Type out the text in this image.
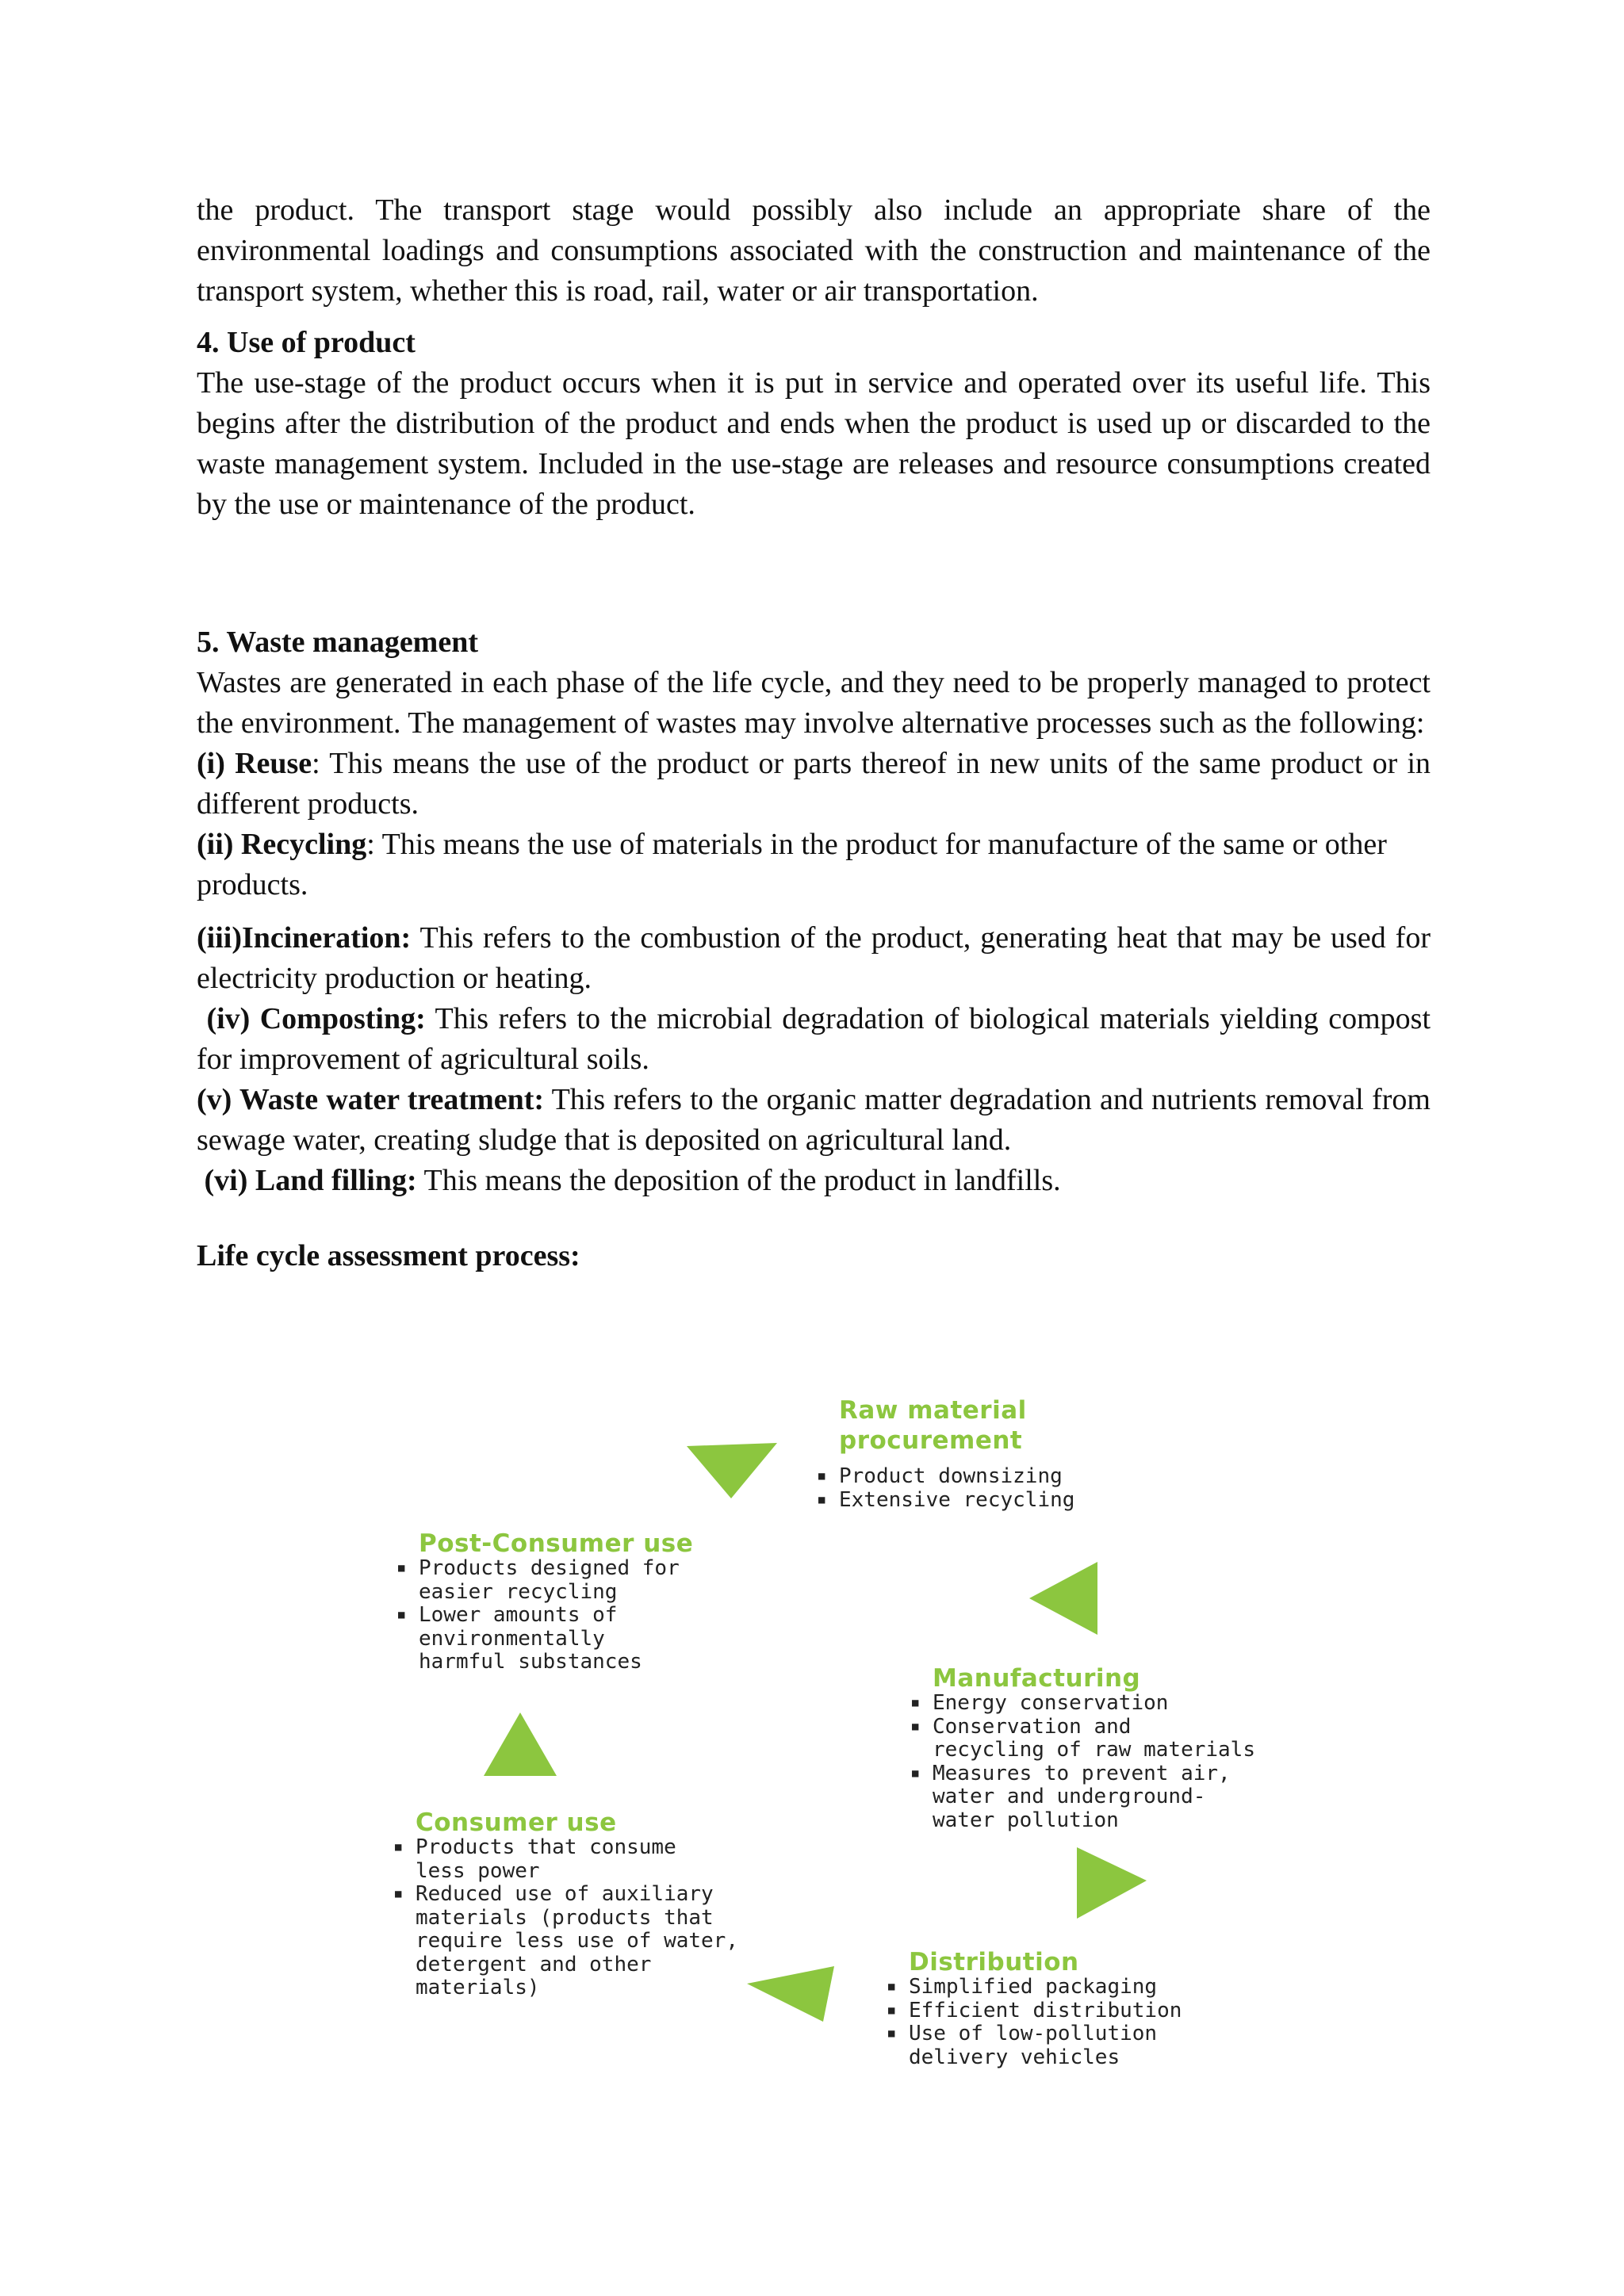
the product. The transport stage would possibly also include an appropriate share of the environmental loadings and consumptions associated with the construction and maintenance of the transport system, whether this is road, rail, water or air transportation.

4. Use of product

The use-stage of the product occurs when it is put in service and operated over its useful life. This begins after the distribution of the product and ends when the product is used up or discarded to the waste management system. Included in the use-stage are releases and resource consumptions created by the use or maintenance of the product.

5. Waste management

Wastes are generated in each phase of the life cycle, and they need to be properly managed to protect the environment. The management of wastes may involve alternative processes such as the following:

(i) Reuse: This means the use of the product or parts thereof in new units of the same product or in different products.

(ii) Recycling: This means the use of materials in the product for manufacture of the same or other products.

(iii)Incineration: This refers to the combustion of the product, generating heat that may be used for electricity production or heating.

(iv) Composting: This refers to the microbial degradation of biological materials yielding compost for improvement of agricultural soils.

(v) Waste water treatment: This refers to the organic matter degradation and nutrients removal from sewage water, creating sludge that is deposited on agricultural land.

(vi) Land filling: This means the deposition of the product in landfills.

Life cycle assessment process:
Raw material
procurement
■ Product downsizing
■ Extensive recycling
Manufacturing
■ Energy conservation
■ Conservation and
recycling of raw materials
■ Measures to prevent air,
water and underground-
water pollution
Distribution
■ Simplified packaging
■ Efficient distribution
■ Use of low-pollution
delivery vehicles
Consumer use
■ Products that consume
less power
■ Reduced use of auxiliary
materials (products that
require less use of water,
detergent and other
materials)
Post-Consumer use
■ Products designed for
easier recycling
■ Lower amounts of
environmentally
harmful substances
